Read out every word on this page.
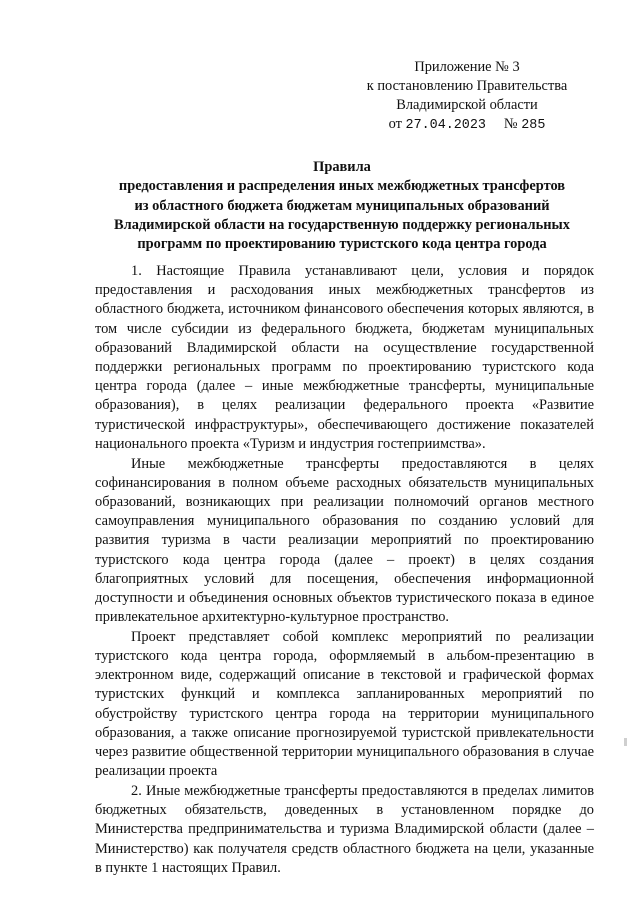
Приложение № 3
к постановлению Правительства
Владимирской области
от 27.04.2023 № 285
Правила
предоставления и распределения иных межбюджетных трансфертов
из областного бюджета бюджетам муниципальных образований
Владимирской области на государственную поддержку региональных
программ по проектированию туристского кода центра города

1. Настоящие Правила устанавливают цели, условия и порядок предоставления и расходования иных межбюджетных трансфертов из областного бюджета, источником финансового обеспечения которых являются, в том числе субсидии из федерального бюджета, бюджетам муниципальных образований Владимирской области на осуществление государственной поддержки региональных программ по проектированию туристского кода центра города (далее – иные межбюджетные трансферты, муниципальные образования), в целях реализации федерального проекта «Развитие туристической инфраструктуры», обеспечивающего достижение показателей национального проекта «Туризм и индустрия гостеприимства».

Иные межбюджетные трансферты предоставляются в целях софинансирования в полном объеме расходных обязательств муниципальных образований, возникающих при реализации полномочий органов местного самоуправления муниципального образования по созданию условий для развития туризма в части реализации мероприятий по проектированию туристского кода центра города (далее – проект) в целях создания благоприятных условий для посещения, обеспечения информационной доступности и объединения основных объектов туристического показа в единое привлекательное архитектурно-культурное пространство.

Проект представляет собой комплекс мероприятий по реализации туристского кода центра города, оформляемый в альбом-презентацию в электронном виде, содержащий описание в текстовой и графической формах туристских функций и комплекса запланированных мероприятий по обустройству туристского центра города на территории муниципального образования, а также описание прогнозируемой туристской привлекательности через развитие общественной территории муниципального образования в случае реализации проекта

2. Иные межбюджетные трансферты предоставляются в пределах лимитов бюджетных обязательств, доведенных в установленном порядке до Министерства предпринимательства и туризма Владимирской области (далее – Министерство) как получателя средств областного бюджета на цели, указанные в пункте 1 настоящих Правил.
